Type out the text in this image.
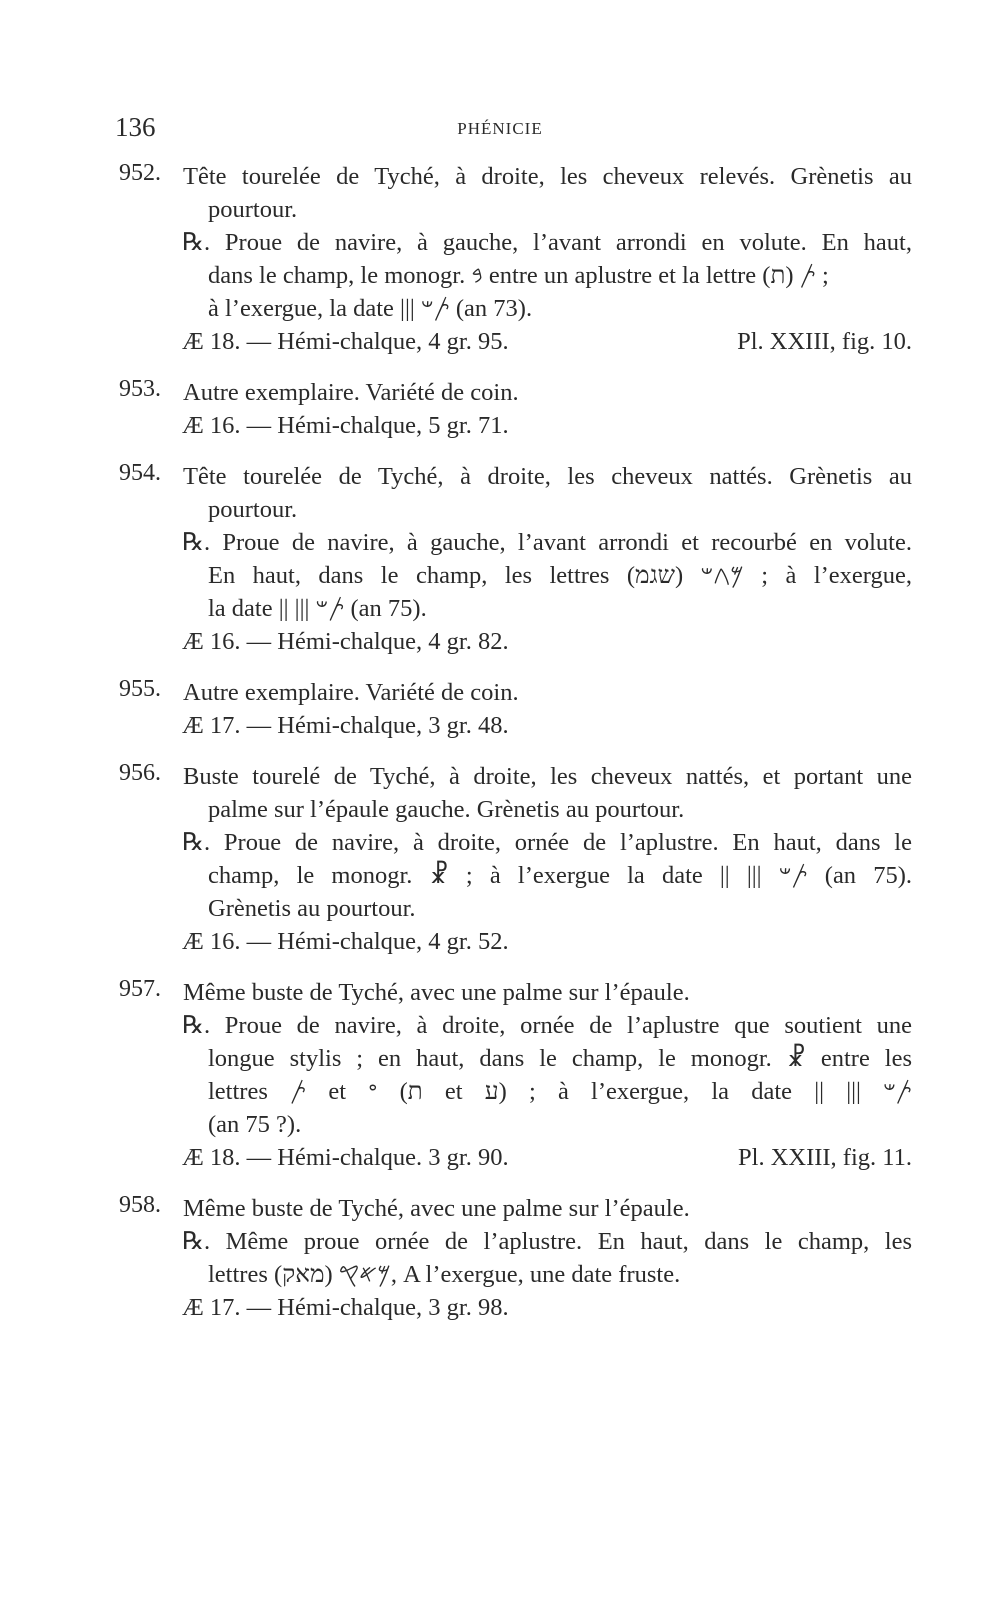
136	PHÉNICIE
952. Tête tourelée de Tyché, à droite, les cheveux relevés. Grènetis au
pourtour.
℞. Proue de navire, à gauche, l’avant arrondi en volute. En haut,
dans le champ, le monogr. 𐤁 entre un aplustre et la lettre 𐤕 (ת) ;
à l’exergue, la date ||| 𐤕𐤔 (an 73).
Pl. XXIII, fig. 10.
Æ 18. — Hémi-chalque, 4 gr. 95.
953. Autre exemplaire. Variété de coin.
Æ 16. — Hémi-chalque, 5 gr. 71.
954. Tête tourelée de Tyché, à droite, les cheveux nattés. Grènetis au
pourtour.
℞. Proue de navire, à gauche, l’avant arrondi et recourbé en volute.
En haut, dans le champ, les lettres 𐤌𐤂𐤔 (שגמ) ; à l’exergue,
la date || ||| 𐤕𐤔 (an 75).
Æ 16. — Hémi-chalque, 4 gr. 82.
955. Autre exemplaire. Variété de coin.
Æ 17. — Hémi-chalque, 3 gr. 48.
956. Buste tourelé de Tyché, à droite, les cheveux nattés, et portant une
palme sur l’épaule gauche. Grènetis au pourtour.
℞. Proue de navire, à droite, ornée de l’aplustre. En haut, dans le
champ, le monogr. ☧ ; à l’exergue la date || ||| 𐤕𐤔 (an 75).
Grènetis au pourtour.
Æ 16. — Hémi-chalque, 4 gr. 52.
957. Même buste de Tyché, avec une palme sur l’épaule.
℞. Proue de navire, à droite, ornée de l’aplustre que soutient une
longue stylis ; en haut, dans le champ, le monogr. ☧ entre les
lettres 𐤕 et 𐤏 (ת et ע) ; à l’exergue, la date || ||| 𐤕𐤔
(an 75 ?).
Pl. XXIII, fig. 11.
Æ 18. — Hémi-chalque. 3 gr. 90.
958. Même buste de Tyché, avec une palme sur l’épaule.
℞. Même proue ornée de l’aplustre. En haut, dans le champ, les
lettres 𐤌𐤀𐤒 (מאק), A l’exergue, une date fruste.
Æ 17. — Hémi-chalque, 3 gr. 98.
